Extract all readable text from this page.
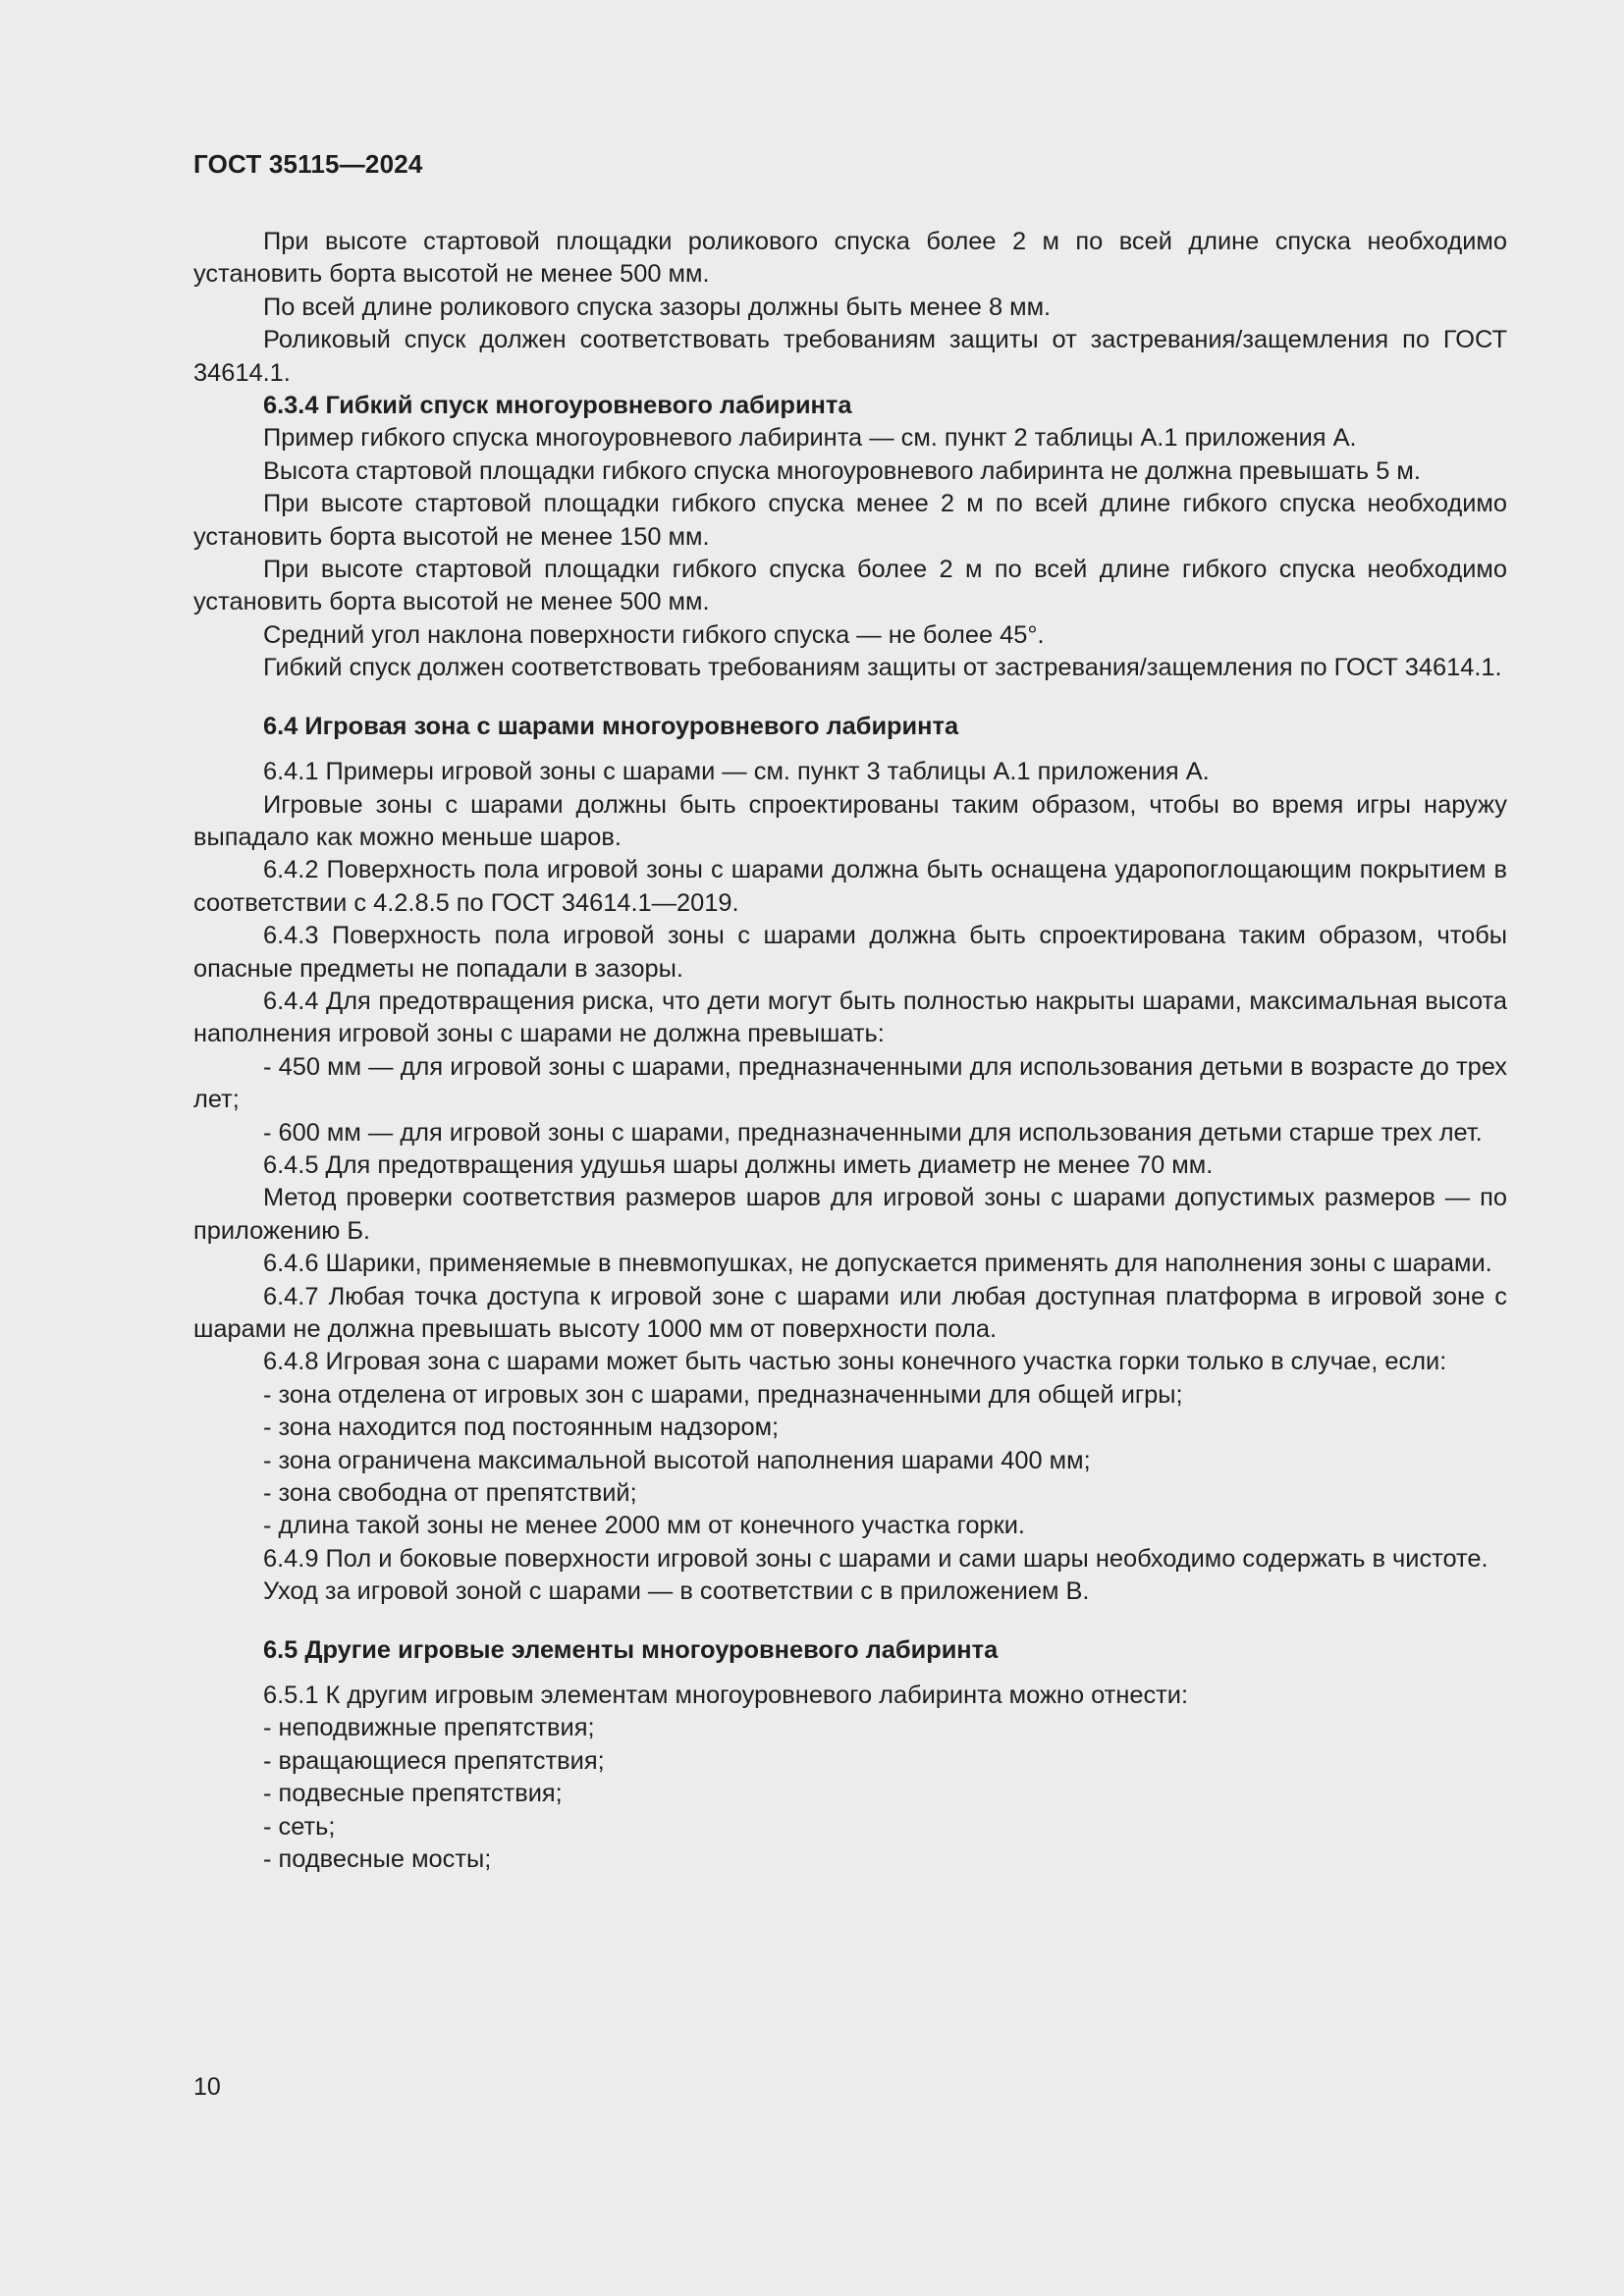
ГОСТ 35115—2024

При высоте стартовой площадки роликового спуска более 2 м по всей длине спуска необходимо установить борта высотой не менее 500 мм.

По всей длине роликового спуска зазоры должны быть менее 8 мм.

Роликовый спуск должен соответствовать требованиям защиты от застревания/защемления по ГОСТ 34614.1.

6.3.4 Гибкий спуск многоуровневого лабиринта

Пример гибкого спуска многоуровневого лабиринта — см. пункт 2 таблицы А.1 приложения А.

Высота стартовой площадки гибкого спуска многоуровневого лабиринта не должна превышать 5 м.

При высоте стартовой площадки гибкого спуска менее 2 м по всей длине гибкого спуска необходимо установить борта высотой не менее 150 мм.

При высоте стартовой площадки гибкого спуска более 2 м по всей длине гибкого спуска необходимо установить борта высотой не менее 500 мм.

Средний угол наклона поверхности гибкого спуска — не более 45°.

Гибкий спуск должен соответствовать требованиям защиты от застревания/защемления по ГОСТ 34614.1.

6.4 Игровая зона с шарами многоуровневого лабиринта

6.4.1 Примеры игровой зоны с шарами — см. пункт 3 таблицы А.1 приложения А.

Игровые зоны с шарами должны быть спроектированы таким образом, чтобы во время игры наружу выпадало как можно меньше шаров.

6.4.2 Поверхность пола игровой зоны с шарами должна быть оснащена ударопоглощающим покрытием в соответствии с 4.2.8.5 по ГОСТ 34614.1—2019.

6.4.3 Поверхность пола игровой зоны с шарами должна быть спроектирована таким образом, чтобы опасные предметы не попадали в зазоры.

6.4.4 Для предотвращения риска, что дети могут быть полностью накрыты шарами, максимальная высота наполнения игровой зоны с шарами не должна превышать:

- 450 мм — для игровой зоны с шарами, предназначенными для использования детьми в возрасте до трех лет;

- 600 мм — для игровой зоны с шарами, предназначенными для использования детьми старше трех лет.

6.4.5 Для предотвращения удушья шары должны иметь диаметр не менее 70 мм.

Метод проверки соответствия размеров шаров для игровой зоны с шарами допустимых размеров — по приложению Б.

6.4.6 Шарики, применяемые в пневмопушках, не допускается применять для наполнения зоны с шарами.

6.4.7 Любая точка доступа к игровой зоне с шарами или любая доступная платформа в игровой зоне с шарами не должна превышать высоту 1000 мм от поверхности пола.

6.4.8 Игровая зона с шарами может быть частью зоны конечного участка горки только в случае, если:

- зона отделена от игровых зон с шарами, предназначенными для общей игры;

- зона находится под постоянным надзором;

- зона ограничена максимальной высотой наполнения шарами 400 мм;

- зона свободна от препятствий;

- длина такой зоны не менее 2000 мм от конечного участка горки.

6.4.9 Пол и боковые поверхности игровой зоны с шарами и сами шары необходимо содержать в чистоте.

Уход за игровой зоной с шарами — в соответствии с в приложением В.

6.5 Другие игровые элементы многоуровневого лабиринта

6.5.1 К другим игровым элементам многоуровневого лабиринта можно отнести:

- неподвижные препятствия;

- вращающиеся препятствия;

- подвесные препятствия;

- сеть;

- подвесные мосты;

10
